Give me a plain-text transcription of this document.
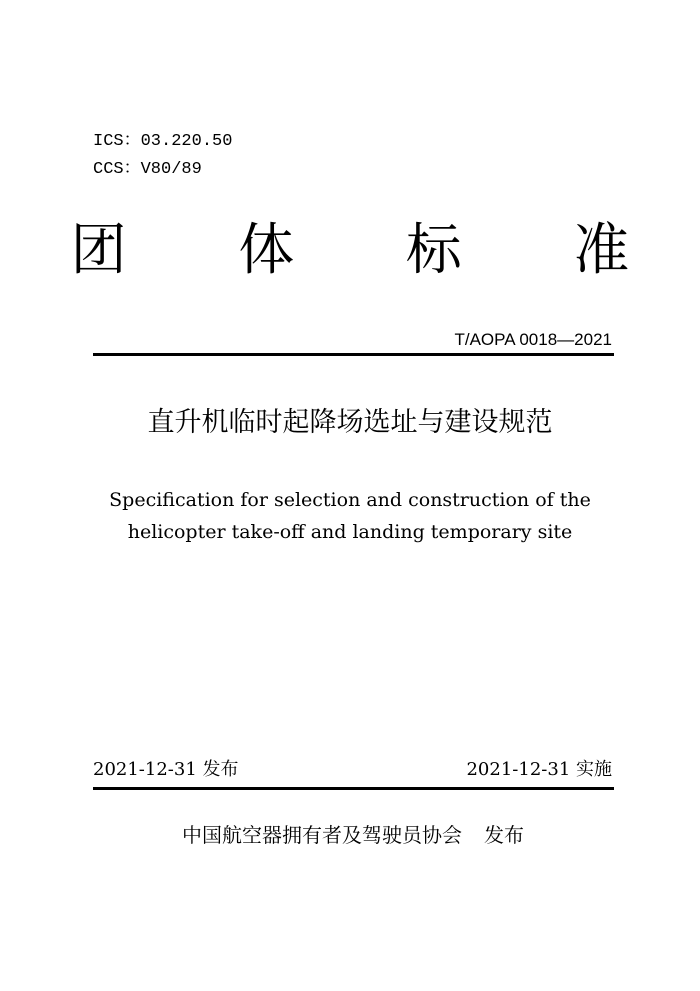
ICS：03.220.50
CCS：V80/89
团 体 标 准
T/AOPA 0018—2021
直升机临时起降场选址与建设规范
Specification for selection and construction of the
helicopter take-off and landing temporary site
2021-12-31 发布	2021-12-31 实施
中国航空器拥有者及驾驶员协会 发布
